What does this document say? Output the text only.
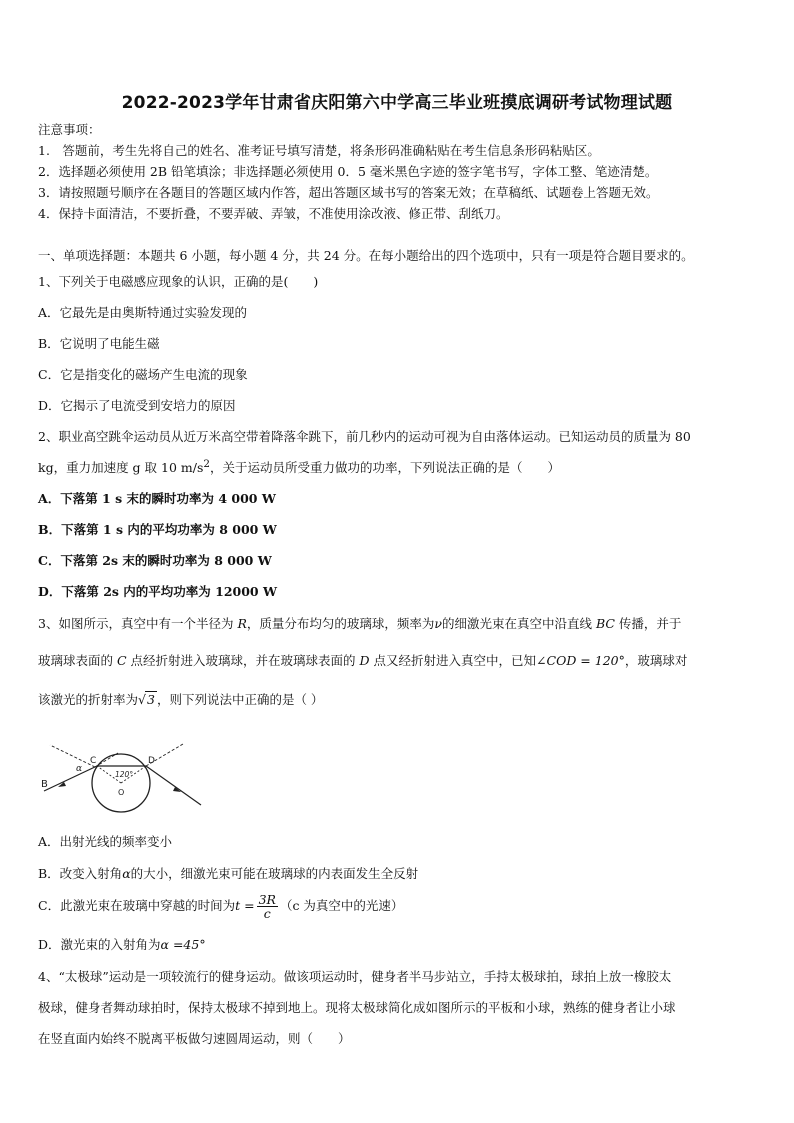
2022-2023学年甘肃省庆阳第六中学高三毕业班摸底调研考试物理试题
注意事项：
1.　答题前，考生先将自己的姓名、准考证号填写清楚，将条形码准确粘贴在考生信息条形码粘贴区。
2．选择题必须使用 2B 铅笔填涂；非选择题必须使用 0．5 毫米黑色字迹的签字笔书写，字体工整、笔迹清楚。
3．请按照题号顺序在各题目的答题区域内作答，超出答题区域书写的答案无效；在草稿纸、试题卷上答题无效。
4．保持卡面清洁，不要折叠，不要弄破、弄皱，不准使用涂改液、修正带、刮纸刀。
一、单项选择题：本题共 6 小题，每小题 4 分，共 24 分。在每小题给出的四个选项中，只有一项是符合题目要求的。
1、下列关于电磁感应现象的认识，正确的是(　　)
A．它最先是由奥斯特通过实验发现的
B．它说明了电能生磁
C．它是指变化的磁场产生电流的现象
D．它揭示了电流受到安培力的原因
2、职业高空跳伞运动员从近万米高空带着降落伞跳下，前几秒内的运动可视为自由落体运动。已知运动员的质量为 80
kg，重力加速度 g 取 10 $m/s^2$，关于运动员所受重力做功的功率，下列说法正确的是（　　）
A．下落第 1 s 末的瞬时功率为 4 000 W
B．下落第 1 s 内的平均功率为 8 000 W
C．下落第 2s 末的瞬时功率为 8 000 W
D．下落第 2s 内的平均功率为 12000 W
3、如图所示，真空中有一个半径为 R，质量分布均匀的玻璃球，频率为ν的细激光束在真空中沿直线 BC 传播，并于
玻璃球表面的 C 点经折射进入玻璃球，并在玻璃球表面的 D 点又经折射进入真空中，已知∠COD = 120°，玻璃球对
该激光的折射率为√3 ，则下列说法中正确的是（ ）
B
α
C	D
120°
O
A．出射光线的频率变小
B．改变入射角α的大小，细激光束可能在玻璃球的内表面发生全反射
C．此激光束在玻璃中穿越的时间为$t = \frac{3R}{c} (c$ 为真空中的光速）
D．激光束的入射角为α =45°
4、“太极球”运动是一项较流行的健身运动。做该项运动时，健身者半马步站立，手持太极球拍，球拍上放一橡胶太
极球，健身者舞动球拍时，保持太极球不掉到地上。现将太极球简化成如图所示的平板和小球，熟练的健身者让小球
在竖直面内始终不脱离平板做匀速圆周运动，则（　　）
